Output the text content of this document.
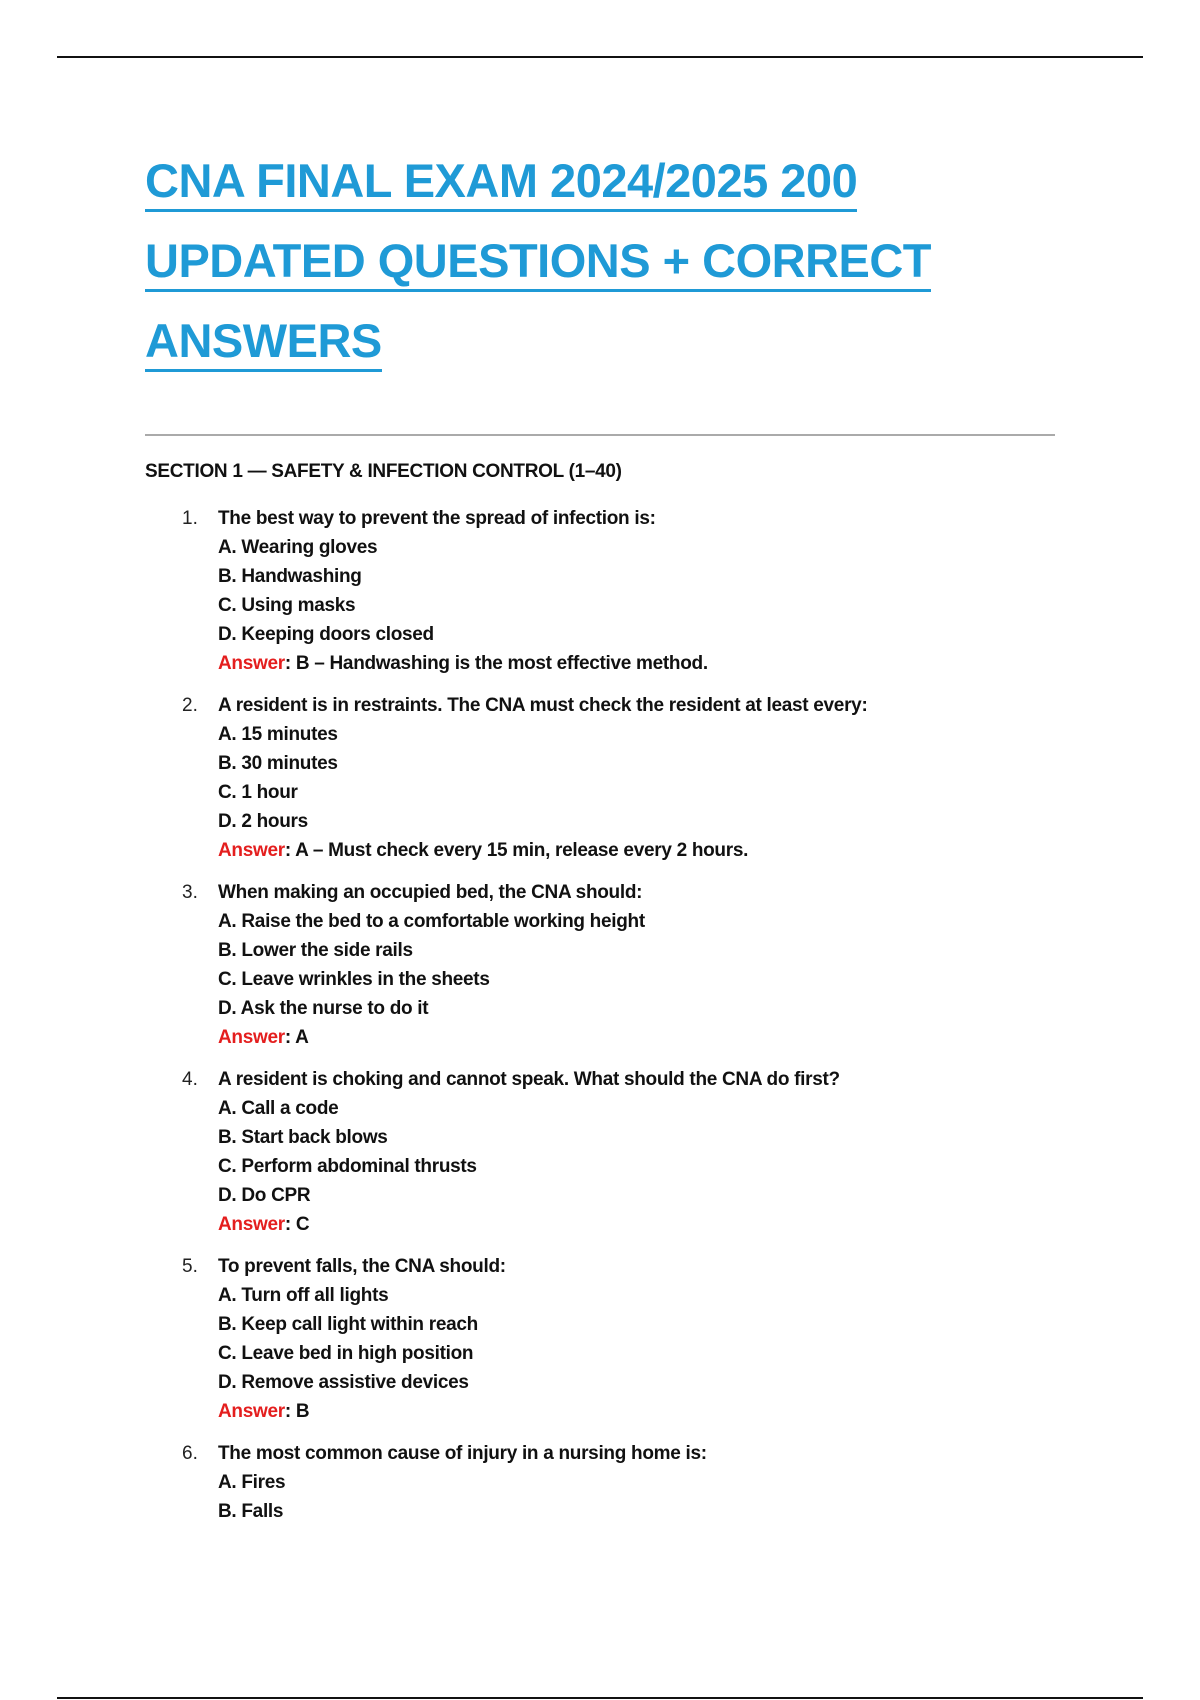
CNA FINAL EXAM 2024/2025 200
UPDATED QUESTIONS + CORRECT
ANSWERS
SECTION 1 — SAFETY & INFECTION CONTROL (1–40)
1. The best way to prevent the spread of infection is:
A. Wearing gloves
B. Handwashing
C. Using masks
D. Keeping doors closed
Answer: B – Handwashing is the most effective method.
2. A resident is in restraints. The CNA must check the resident at least every:
A. 15 minutes
B. 30 minutes
C. 1 hour
D. 2 hours
Answer: A – Must check every 15 min, release every 2 hours.
3. When making an occupied bed, the CNA should:
A. Raise the bed to a comfortable working height
B. Lower the side rails
C. Leave wrinkles in the sheets
D. Ask the nurse to do it
Answer: A
4. A resident is choking and cannot speak. What should the CNA do first?
A. Call a code
B. Start back blows
C. Perform abdominal thrusts
D. Do CPR
Answer: C
5. To prevent falls, the CNA should:
A. Turn off all lights
B. Keep call light within reach
C. Leave bed in high position
D. Remove assistive devices
Answer: B
6. The most common cause of injury in a nursing home is:
A. Fires
B. Falls
